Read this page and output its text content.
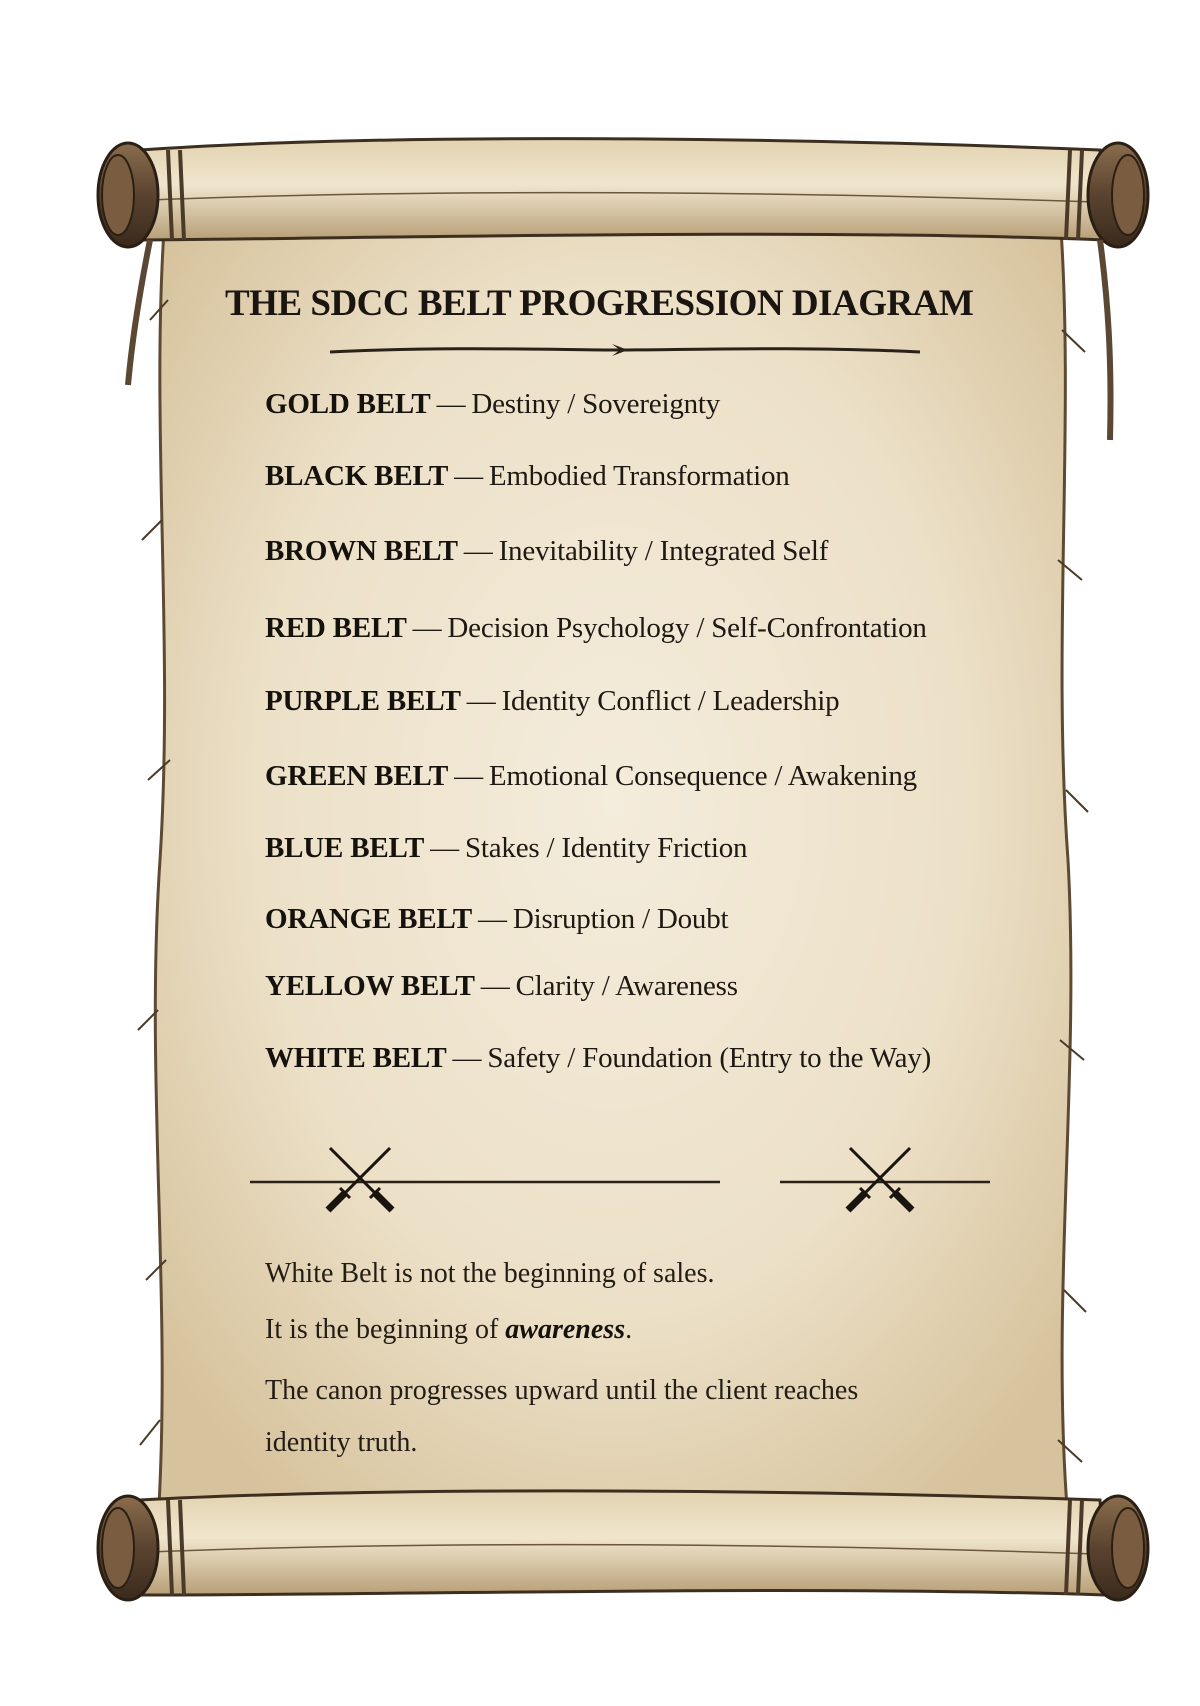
THE SDCC BELT PROGRESSION DIAGRAM
GOLD BELT — Destiny / Sovereignty
BLACK BELT — Embodied Transformation
BROWN BELT — Inevitability / Integrated Self
RED BELT — Decision Psychology / Self-Confrontation
PURPLE BELT — Identity Conflict / Leadership
GREEN BELT — Emotional Consequence / Awakening
BLUE BELT — Stakes / Identity Friction
ORANGE BELT — Disruption / Doubt
YELLOW BELT — Clarity / Awareness
WHITE BELT — Safety / Foundation (Entry to the Way)
White Belt is not the beginning of sales.
It is the beginning of awareness.
The canon progresses upward until the client reaches
identity truth.
